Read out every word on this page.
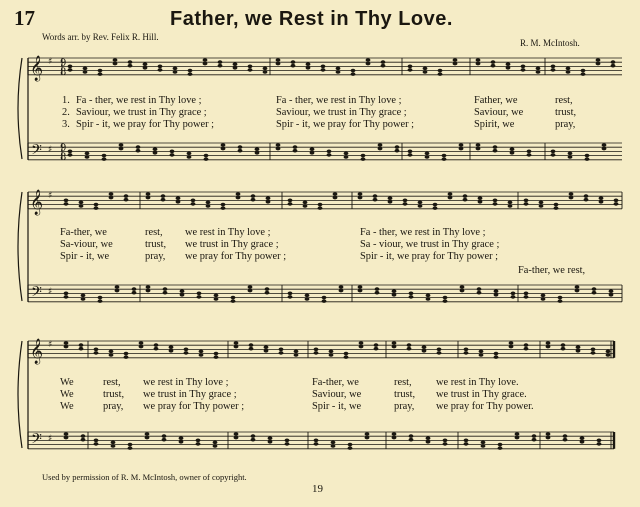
17	Father, we Rest in Thy Love.
Words arr. by Rev. Felix R. Hill.
R. M. McIntosh.
𝄞
𝄢
♯
♯
𝄞
𝄢
♯
♯
𝄞
𝄢
♯
♯
9
8
9
8
1.
2.
3.
Fa - ther, we rest in Thy love ;
Saviour, we trust in Thy grace ;
Spir - it, we pray for Thy power ;
Fa - ther, we rest in Thy love ;
Saviour, we trust in Thy grace ;
Spir - it, we pray for Thy power ;
Father, we
Saviour, we
Spirit, we
rest,
trust,
pray,
Fa-ther, we
Sa-viour, we
Spir - it, we
rest,
trust,
pray,
we rest in Thy love ;
we trust in Thy grace ;
we pray for Thy power ;
Fa - ther, we rest in Thy love ;
Sa - viour, we trust in Thy grace ;
Spir - it, we pray for Thy power ;
Fa-ther, we rest,
We
We
We
rest,
trust,
pray,
we rest in Thy love ;
we trust in Thy grace ;
we pray for Thy power ;
Fa-ther, we
Saviour, we
Spir - it, we
rest,
trust,
pray,
we rest in Thy love.
we trust in Thy grace.
we pray for Thy power.
Used by permission of R. M. McIntosh, owner of copyright.
19
